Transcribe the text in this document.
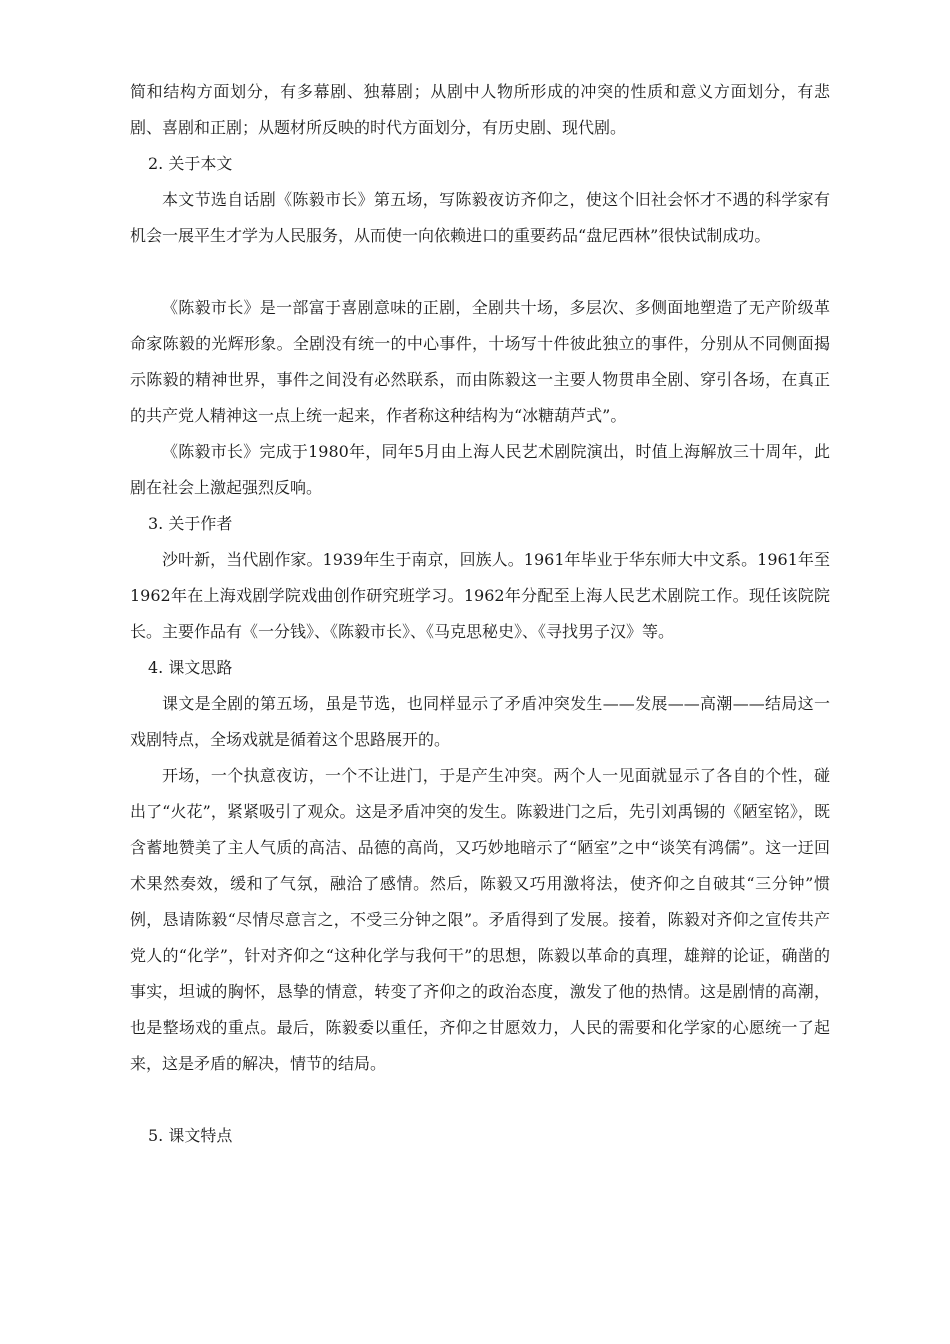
简和结构方面划分，有多幕剧、独幕剧；从剧中人物所形成的冲突的性质和意义方面划分，有悲剧、喜剧和正剧；从题材所反映的时代方面划分，有历史剧、现代剧。

2. 关于本文

本文节选自话剧《陈毅市长》第五场，写陈毅夜访齐仰之，使这个旧社会怀才不遇的科学家有机会一展平生才学为人民服务，从而使一向依赖进口的重要药品“盘尼西林”很快试制成功。

《陈毅市长》是一部富于喜剧意味的正剧，全剧共十场，多层次、多侧面地塑造了无产阶级革命家陈毅的光辉形象。全剧没有统一的中心事件，十场写十件彼此独立的事件，分别从不同侧面揭示陈毅的精神世界，事件之间没有必然联系，而由陈毅这一主要人物贯串全剧、穿引各场，在真正的共产党人精神这一点上统一起来，作者称这种结构为“冰糖葫芦式”。

《陈毅市长》完成于1980年，同年5月由上海人民艺术剧院演出，时值上海解放三十周年，此剧在社会上激起强烈反响。

3. 关于作者

沙叶新，当代剧作家。1939年生于南京，回族人。1961年毕业于华东师大中文系。1961年至1962年在上海戏剧学院戏曲创作研究班学习。1962年分配至上海人民艺术剧院工作。现任该院院长。主要作品有《一分钱》、《陈毅市长》、《马克思秘史》、《寻找男子汉》等。

4. 课文思路

课文是全剧的第五场，虽是节选，也同样显示了矛盾冲突发生——发展——高潮——结局这一戏剧特点，全场戏就是循着这个思路展开的。

开场，一个执意夜访，一个不让进门，于是产生冲突。两个人一见面就显示了各自的个性，碰出了“火花”，紧紧吸引了观众。这是矛盾冲突的发生。陈毅进门之后，先引刘禹锡的《陋室铭》，既含蓄地赞美了主人气质的高洁、品德的高尚，又巧妙地暗示了“陋室”之中“谈笑有鸿儒”。这一迂回术果然奏效，缓和了气氛，融洽了感情。然后，陈毅又巧用激将法，使齐仰之自破其“三分钟”惯例，恳请陈毅“尽情尽意言之，不受三分钟之限”。矛盾得到了发展。接着，陈毅对齐仰之宣传共产党人的“化学”，针对齐仰之“这种化学与我何干”的思想，陈毅以革命的真理，雄辩的论证，确凿的事实，坦诚的胸怀，恳挚的情意，转变了齐仰之的政治态度，激发了他的热情。这是剧情的高潮，也是整场戏的重点。最后，陈毅委以重任，齐仰之甘愿效力，人民的需要和化学家的心愿统一了起来，这是矛盾的解决，情节的结局。

5. 课文特点
